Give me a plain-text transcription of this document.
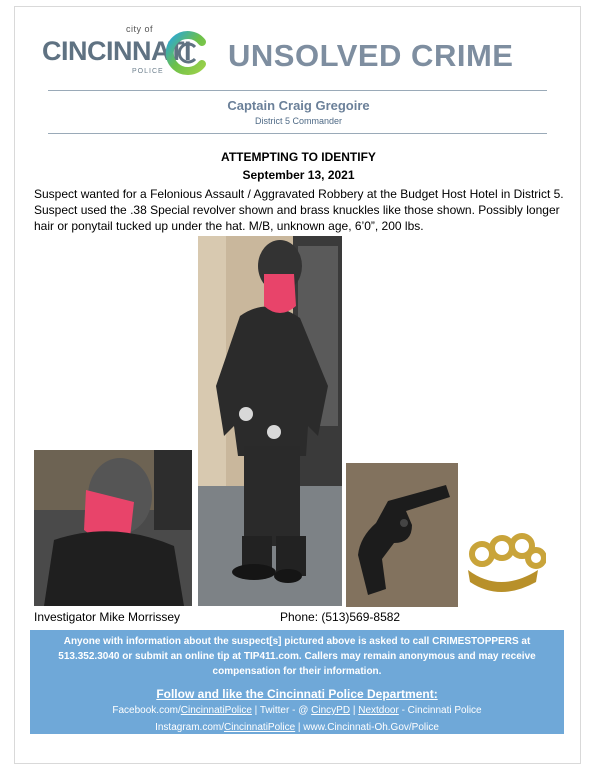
city of
CINCINNATI
POLICE UNSOLVED CRIME
Captain Craig Gregoire
District 5 Commander
ATTEMPTING TO IDENTIFY
September 13, 2021
Suspect wanted for a Felonious Assault / Aggravated Robbery at the Budget Host Hotel in District 5. Suspect used the .38 Special revolver shown and brass knuckles like those shown. Possibly longer hair or ponytail tucked up under the hat. M/B, unknown age, 6’0”, 200 lbs.
Investigator Mike Morrissey	Phone: (513)569-8582
Anyone with information about the suspect[s] pictured above is asked to call CRIMESTOPPERS at 513.352.3040 or submit an online tip at TIP411.com. Callers may remain anonymous and may receive compensation for their information.
Follow and like the Cincinnati Police Department:
Facebook.com/CincinnatiPolice | Twitter - @ CincyPD | Nextdoor - Cincinnati Police
Instagram.com/CincinnatiPolice | www.Cincinnati-Oh.Gov/Police
